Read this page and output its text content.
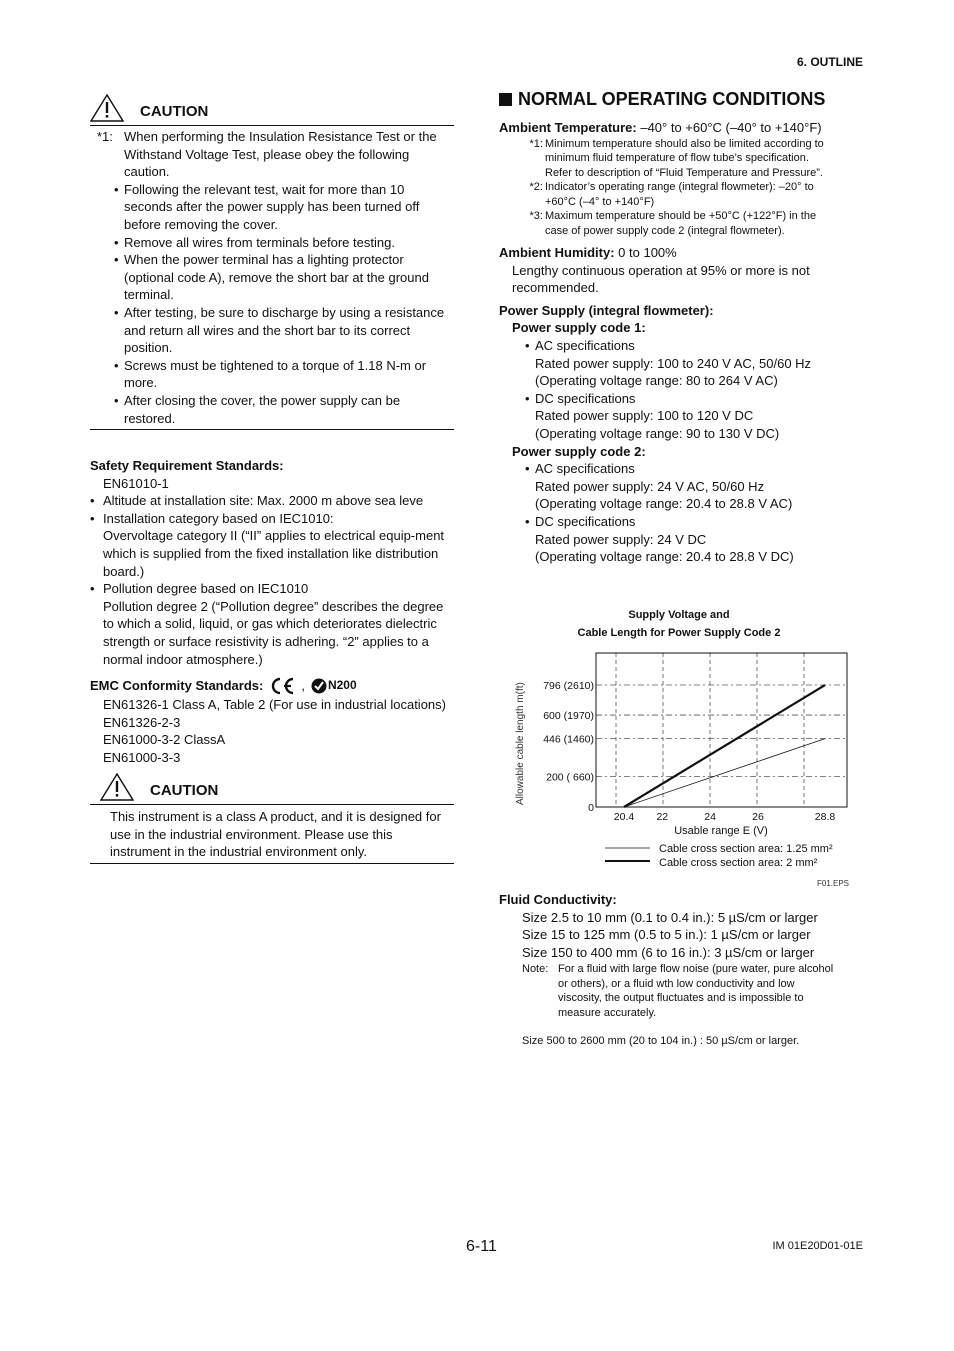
6. OUTLINE
CAUTION
*1: When performing the Insulation Resistance Test or the Withstand Voltage Test, please obey the following caution.
• Following the relevant test, wait for more than 10 seconds after the power supply has been turned off before removing the cover.
• Remove all wires from terminals before testing.
• When the power terminal has a lighting protector (optional code A), remove the short bar at the ground terminal.
• After testing, be sure to discharge by using a resistance and return all wires and the short bar to its correct position.
• Screws must be tightened to a torque of 1.18 N-m or more.
• After closing the cover, the power supply can be restored.
Safety Requirement Standards:
EN61010-1
• Altitude at installation site: Max. 2000 m above sea leve
• Installation category based on IEC1010:
Overvoltage category II (“II” applies to electrical equip-ment which is supplied from the fixed installation like distribution board.)
• Pollution degree based on IEC1010
Pollution degree 2 (“Pollution degree” describes the degree to which a solid, liquid, or gas which deteriorates dielectric strength or surface resistivity is adhering. “2” applies to a normal indoor atmosphere.)
EMC Conformity Standards:	, N200
EN61326-1 Class A, Table 2 (For use in industrial locations)
EN61326-2-3
EN61000-3-2 ClassA
EN61000-3-3
CAUTION
This instrument is a class A product, and it is designed for use in the industrial environment. Please use this instrument in the industrial environment only.
NORMAL OPERATING CONDITIONS
Ambient Temperature: –40° to +60°C (–40° to +140°F)
*1: Minimum temperature should also be limited according to minimum fluid temperature of flow tube’s specification.
Refer to description of “Fluid Temperature and Pressure”.
*2: Indicator’s operating range (integral flowmeter): –20° to +60°C (–4° to +140°F)
*3: Maximum temperature should be +50°C (+122°F) in the case of power supply code 2 (integral flowmeter).
Ambient Humidity: 0 to 100%
Lengthy continuous operation at 95% or more is not recommended.
Power Supply (integral flowmeter):
Power supply code 1:
• AC specifications
Rated power supply: 100 to 240 V AC, 50/60 Hz
(Operating voltage range: 80 to 264 V AC)
• DC specifications
Rated power supply: 100 to 120 V DC
(Operating voltage range: 90 to 130 V DC)
Power supply code 2:
• AC specifications
Rated power supply: 24 V AC, 50/60 Hz
(Operating voltage range: 20.4 to 28.8 V AC)
• DC specifications
Rated power supply: 24 V DC
(Operating voltage range: 20.4 to 28.8 V DC)
Supply Voltage and
Cable Length for Power Supply Code 2
20.4 22	24	26	28.8
0
200 ( 660)
446 (1460)
600 (1970)
796 (2610)
Allowable cable length m(ft)
Usable range E (V)
Cable cross section area: 1.25 mm²
Cable cross section area: 2 mm²
F01.EPS
Fluid Conductivity:
Size 2.5 to 10 mm (0.1 to 0.4 in.): 5 µS/cm or larger
Size 15 to 125 mm (0.5 to 5 in.): 1 µS/cm or larger
Size 150 to 400 mm (6 to 16 in.): 3 µS/cm or larger
Note: For a fluid with large flow noise (pure water, pure alcohol or others), or a fluid wth low conductivity and low viscosity, the output fluctuates and is impossible to measure accurately.
Size 500 to 2600 mm (20 to 104 in.) : 50 µS/cm or larger.
6-11	IM 01E20D01-01E
